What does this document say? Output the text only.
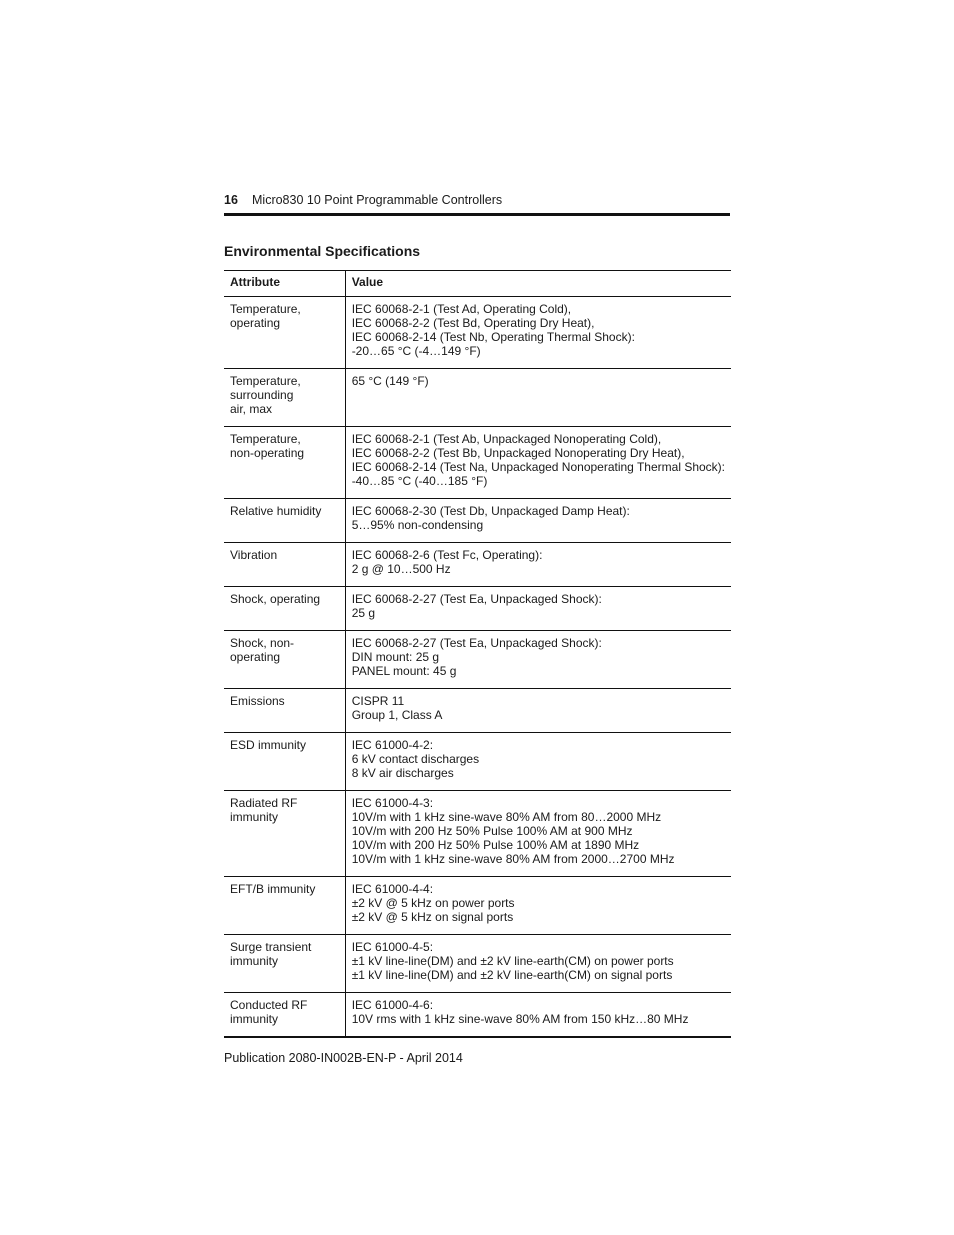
16 Micro830 10 Point Programmable Controllers
Environmental Specifications
Attribute	Value

Temperature, operating	IEC 60068-2-1 (Test Ad, Operating Cold),
IEC 60068-2-2 (Test Bd, Operating Dry Heat),
IEC 60068-2-14 (Test Nb, Operating Thermal Shock):
-20…65 °C (-4…149 °F)

Temperature, surrounding
air, max	65 °C (149 °F)

Temperature,
non-operating	IEC 60068-2-1 (Test Ab, Unpackaged Nonoperating Cold),
IEC 60068-2-2 (Test Bb, Unpackaged Nonoperating Dry Heat),
IEC 60068-2-14 (Test Na, Unpackaged Nonoperating Thermal Shock):
-40…85 °C (-40…185 °F)

Relative humidity	IEC 60068-2-30 (Test Db, Unpackaged Damp Heat):
5…95% non-condensing

Vibration	IEC 60068-2-6 (Test Fc, Operating):
2 g @ 10…500 Hz

Shock, operating	IEC 60068-2-27 (Test Ea, Unpackaged Shock):
25 g

Shock, non-operating	IEC 60068-2-27 (Test Ea, Unpackaged Shock):
DIN mount: 25 g
PANEL mount: 45 g

Emissions	CISPR 11
Group 1, Class A

ESD immunity	IEC 61000-4-2:
6 kV contact discharges
8 kV air discharges

Radiated RF immunity	IEC 61000-4-3:
10V/m with 1 kHz sine-wave 80% AM from 80…2000 MHz
10V/m with 200 Hz 50% Pulse 100% AM at 900 MHz
10V/m with 200 Hz 50% Pulse 100% AM at 1890 MHz
10V/m with 1 kHz sine-wave 80% AM from 2000…2700 MHz

EFT/B immunity	IEC 61000-4-4:
±2 kV @ 5 kHz on power ports
±2 kV @ 5 kHz on signal ports

Surge transient immunity	IEC 61000-4-5:
±1 kV line-line(DM) and ±2 kV line-earth(CM) on power ports
±1 kV line-line(DM) and ±2 kV line-earth(CM) on signal ports

Conducted RF immunity	IEC 61000-4-6:
10V rms with 1 kHz sine-wave 80% AM from 150 kHz…80 MHz
Publication 2080-IN002B-EN-P - April 2014
